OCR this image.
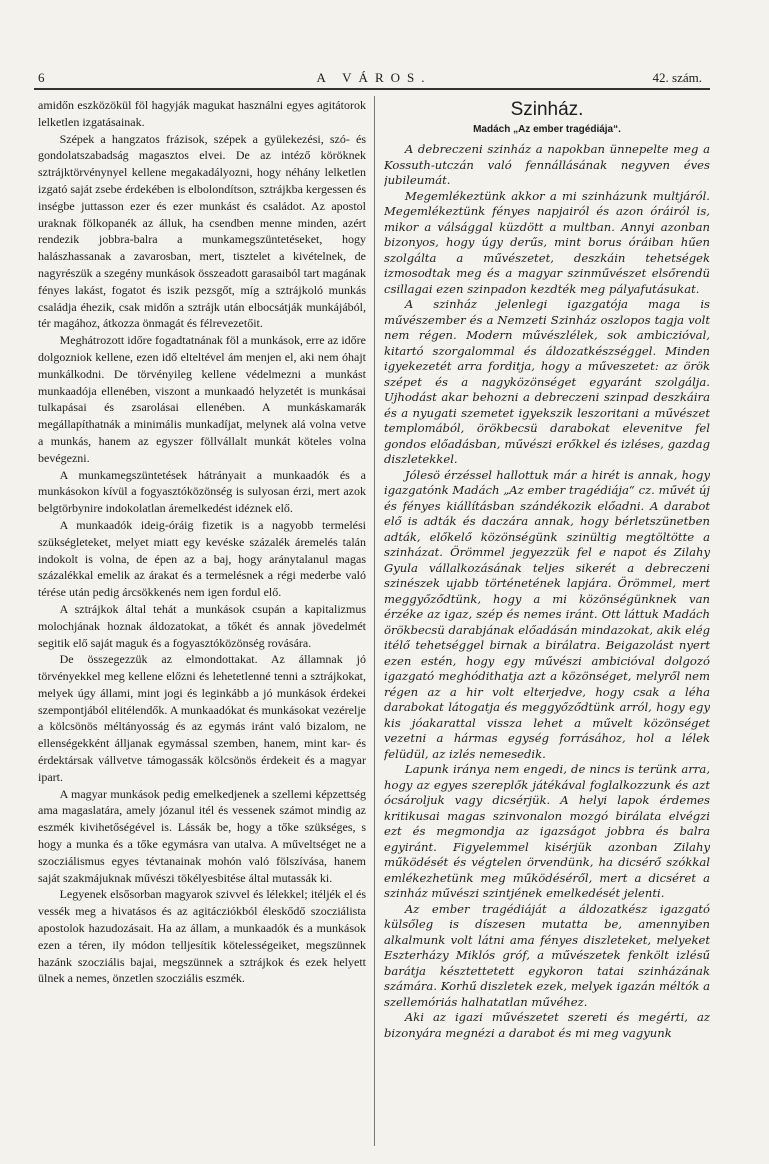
6	A VÁROS.	42. szám.

amidőn eszközökül föl hagyják magukat használni egyes agitátorok lelketlen izgatásainak.

Szépek a hangzatos frázisok, szépek a gyülekezési, szó- és gondolatszabadság magasztos elvei. De az intéző köröknek sztrájktörvénynyel kellene megakadályozni, hogy néhány lelketlen izgató saját zsebe érdekében is elbolondítson, sztrájkba kergessen és inségbe juttasson ezer és ezer munkást és családot. Az apostol uraknak fölkopanék az álluk, ha csendben menne minden, azért rendezik jobbra-balra a munkamegszüntetéseket, hogy halászhassanak a zavarosban, mert, tisztelet a kivételnek, de nagyrészük a szegény munkások összeadott garasaiból tart magának fényes lakást, fogatot és iszik pezsgőt, míg a sztrájkoló munkás családja éhezik, csak midőn a sztrájk után elbocsátják munkájából, tér magához, átkozza önmagát és félrevezetőit.

Meghátrozott időre fogadtatnának föl a munkások, erre az időre dolgozniok kellene, ezen idő elteltével ám menjen el, aki nem óhajt munkálkodni. De törvényileg kellene védelmezni a munkást munkaadója ellenében, viszont a munkaadó helyzetét is munkásai tulkapásai és zsarolásai ellenében. A munkáskamarák megállapíthatnák a minimális munkadíjat, melynek alá volna vetve a munkás, hanem az egyszer föllvállalt munkát köteles volna bevégezni.

A munkamegszüntetések hátrányait a munkaadók és a munkásokon kívül a fogyasztóközönség is sulyosan érzi, mert azok belgtörbynire indokolatlan áremelkedést idéznek elő.

A munkaadók ideig-óráig fizetik is a nagyobb termelési szükségleteket, melyet miatt egy kevéske százalék áremelés talán indokolt is volna, de épen az a baj, hogy aránytalanul magas százalékkal emelik az árakat és a termelésnek a régi mederbe való térése után pedig árcsökkenés nem igen fordul elő.

A sztrájkok által tehát a munkások csupán a kapitalizmus molochjának hoznak áldozatokat, a tőkét és annak jövedelmét segitik elő saját maguk és a fogyasztóközönség rovására.

De összegezzük az elmondottakat. Az államnak jó törvényekkel meg kellene előzni és lehetetlenné tenni a sztrájkokat, melyek úgy állami, mint jogi és leginkább a jó munkások érdekei szempontjából elitélendők. A munkaadókat és munkásokat vezérelje a kölcsönös méltányosság és az egymás iránt való bizalom, ne ellenségekként álljanak egymással szemben, hanem, mint kar- és érdektársak vállvetve támogassák kölcsönös érdekeit és a magyar ipart.

A magyar munkások pedig emelkedjenek a szellemi képzettség ama magaslatára, amely józanul itél és vessenek számot mindig az eszmék kivihetőségével is. Lássák be, hogy a tőke szükséges, s hogy a munka és a tőke egymásra van utalva. A műveltséget ne a szocziálismus egyes tévtanainak mohón való fölszívása, hanem saját szakmájuknak művészi tökélyesbitése által mutassák ki.

Legyenek elsősorban magyarok szivvel és lélekkel; itéljék el és vessék meg a hivatásos és az agitácziókból éleskődő szocziálista apostolok hazudozásait. Ha az állam, a munkaadók és a munkások ezen a téren, ily módon telljesítik kötelességeiket, megszünnek hazánk szocziális bajai, megszünnek a sztrájkok és ezek helyett ülnek a nemes, önzetlen szocziális eszmék.

Szinház.
Madách „Az ember tragédiája“.

A debreczeni szinház a napokban ünnepelte meg a Kossuth-utczán való fennállásának negyven éves jubileumát.

Megemlékeztünk akkor a mi szinházunk multjáról. Megemlékeztünk fényes napjairól és azon óráiról is, mikor a válsággal küzdött a multban. Annyi azonban bizonyos, hogy úgy derűs, mint borus óráiban hűen szolgálta a művészetet, deszkáin tehetségek izmosodtak meg és a magyar szinművészet elsőrendü csillagai ezen szinpadon kezdték meg pályafutásukat.

A szinház jelenlegi igazgatója maga is művészember és a Nemzeti Szinház oszlopos tagja volt nem régen. Modern művészlélek, sok ambiczióval, kitartó szorgalommal és áldozatkészséggel. Minden igyekezetét arra forditja, hogy a műveszetet: az örök szépet és a nagyközönséget egyaránt szolgálja. Ujhodást akar behozni a debreczeni szinpad deszkáira és a nyugati szemetet igyekszik leszoritani a művészet templomából, örökbecsü darabokat elevenitve fel gondos előadásban, művészi erőkkel és izléses, gazdag diszletekkel.

Jólesö érzéssel hallottuk már a hirét is annak, hogy igazgatónk Madách „Az ember tragédiája“ cz. művét új és fényes kiállításban szándékozik előadni. A darabot elő is adták és daczára annak, hogy bérletszünetben adták, előkelő közönségünk szinültig megtöltötte a szinházat. Örömmel jegyezzük fel e napot és Zilahy Gyula vállalkozásának teljes sikerét a debreczeni szinészek ujabb történetének lapjára. Örömmel, mert meggyőződtünk, hogy a mi közönségünknek van érzéke az igaz, szép és nemes iránt. Ott láttuk Madách örökbecsü darabjának előadásán mindazokat, akik elég itélő tehetséggel birnak a birálatra. Beigazolást nyert ezen estén, hogy egy művészi ambicióval dolgozó igazgató meghódithatja azt a közönséget, melyről nem régen az a hir volt elterjedve, hogy csak a léha darabokat látogatja és meggyőződtünk arról, hogy egy kis jóakarattal vissza lehet a művelt közönséget vezetni a hármas egység forrásához, hol a lélek felüdül, az izlés nemesedik.

Lapunk iránya nem engedi, de nincs is terünk arra, hogy az egyes szereplők játékával foglalkozzunk és azt ócsároljuk vagy dicsérjük. A helyi lapok érdemes kritikusai magas szinvonalon mozgó birálata elvégzi ezt és megmondja az igazságot jobbra és balra egyiránt. Figyelemmel kisérjük azonban Zilahy működését és végtelen örvendünk, ha dicsérő szókkal emlékezhetünk meg működéséről, mert a dicséret a szinház művészi szintjének emelkedését jelenti.

Az ember tragédiáját a áldozatkész igazgató külsőleg is díszesen mutatta be, amennyiben alkalmunk volt látni ama fényes diszleteket, melyeket Eszterházy Miklós gróf, a művészetek fenkölt izlésű barátja késztettetett egykoron tatai szinházának számára. Korhű diszletek ezek, melyek igazán méltók a szellemóriás halhatatlan művéhez.

Aki az igazi művészetet szereti és megérti, az bizonyára megnézi a darabot és mi meg vagyunk
